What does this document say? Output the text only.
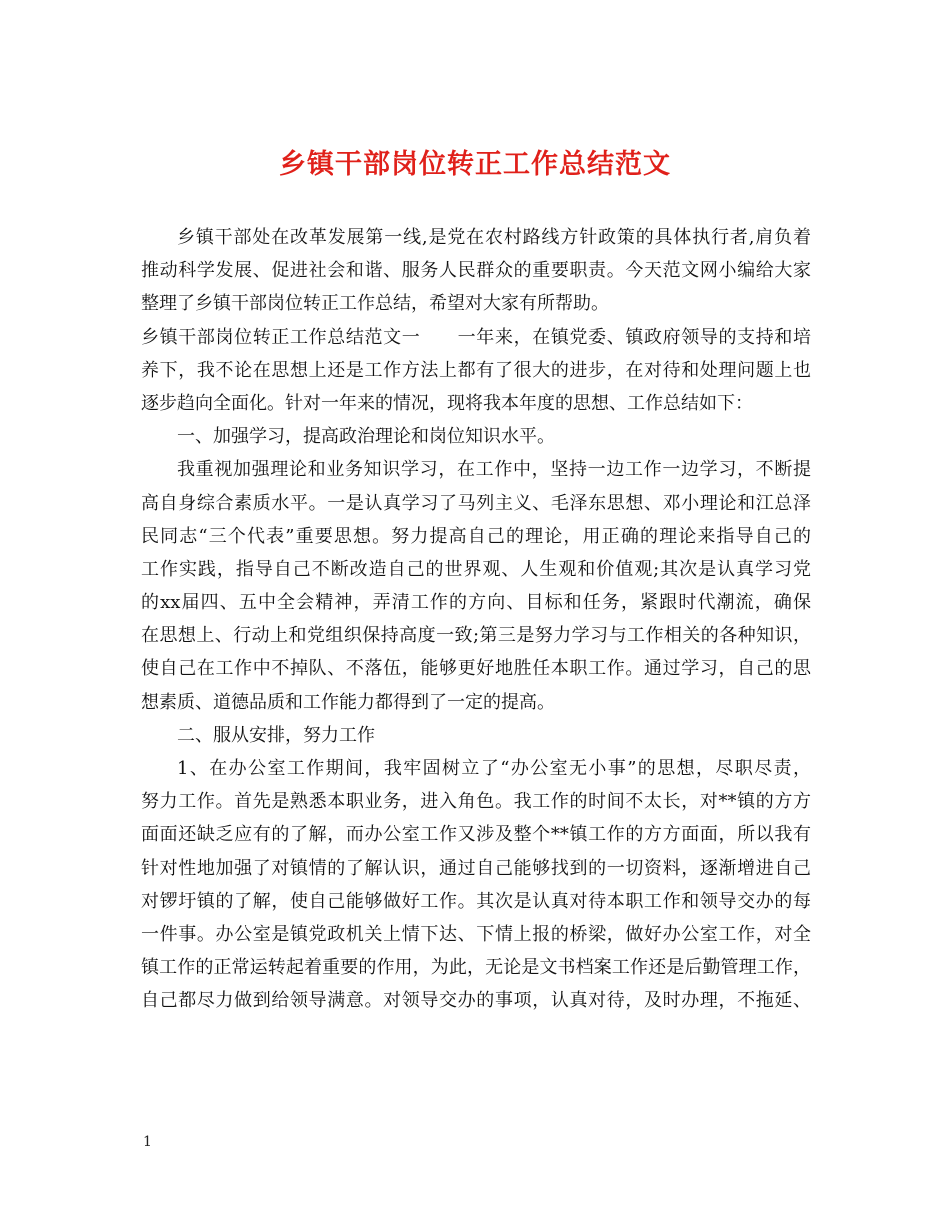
乡镇干部岗位转正工作总结范文
乡镇干部处在改革发展第一线,是党在农村路线方针政策的具体执行者,肩负着
推动科学发展、促进社会和谐、服务人民群众的重要职责。今天范文网小编给大家
整理了乡镇干部岗位转正工作总结，希望对大家有所帮助。
乡镇干部岗位转正工作总结范文一　　一年来，在镇党委、镇政府领导的支持和培
养下，我不论在思想上还是工作方法上都有了很大的进步，在对待和处理问题上也
逐步趋向全面化。针对一年来的情况，现将我本年度的思想、工作总结如下：
一、加强学习，提高政治理论和岗位知识水平。
我重视加强理论和业务知识学习，在工作中，坚持一边工作一边学习，不断提
高自身综合素质水平。一是认真学习了马列主义、毛泽东思想、邓小理论和江总泽
民同志“三个代表”重要思想。努力提高自己的理论，用正确的理论来指导自己的
工作实践，指导自己不断改造自己的世界观、人生观和价值观;其次是认真学习党
的xx届四、五中全会精神，弄清工作的方向、目标和任务，紧跟时代潮流，确保
在思想上、行动上和党组织保持高度一致;第三是努力学习与工作相关的各种知识，
使自己在工作中不掉队、不落伍，能够更好地胜任本职工作。通过学习，自己的思
想素质、道德品质和工作能力都得到了一定的提高。
二、服从安排，努力工作
1、在办公室工作期间，我牢固树立了“办公室无小事”的思想，尽职尽责，
努力工作。首先是熟悉本职业务，进入角色。我工作的时间不太长，对**镇的方方
面面还缺乏应有的了解，而办公室工作又涉及整个**镇工作的方方面面，所以我有
针对性地加强了对镇情的了解认识，通过自己能够找到的一切资料，逐渐增进自己
对锣圩镇的了解，使自己能够做好工作。其次是认真对待本职工作和领导交办的每
一件事。办公室是镇党政机关上情下达、下情上报的桥梁，做好办公室工作，对全
镇工作的正常运转起着重要的作用，为此，无论是文书档案工作还是后勤管理工作，
自己都尽力做到给领导满意。对领导交办的事项，认真对待，及时办理，不拖延、
1
